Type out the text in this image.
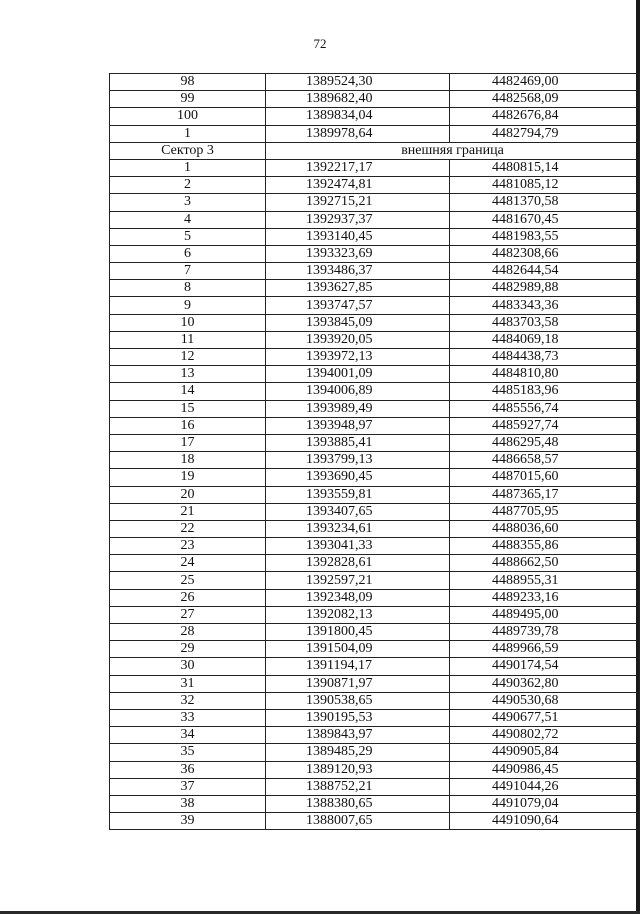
72
98	1389524,30	4482469,00
99	1389682,40	4482568,09
100	1389834,04	4482676,84
1	1389978,64	4482794,79
Сектор 3	внешняя граница	
1	1392217,17	4480815,14
2	1392474,81	4481085,12
3	1392715,21	4481370,58
4	1392937,37	4481670,45
5	1393140,45	4481983,55
6	1393323,69	4482308,66
7	1393486,37	4482644,54
8	1393627,85	4482989,88
9	1393747,57	4483343,36
10	1393845,09	4483703,58
11	1393920,05	4484069,18
12	1393972,13	4484438,73
13	1394001,09	4484810,80
14	1394006,89	4485183,96
15	1393989,49	4485556,74
16	1393948,97	4485927,74
17	1393885,41	4486295,48
18	1393799,13	4486658,57
19	1393690,45	4487015,60
20	1393559,81	4487365,17
21	1393407,65	4487705,95
22	1393234,61	4488036,60
23	1393041,33	4488355,86
24	1392828,61	4488662,50
25	1392597,21	4488955,31
26	1392348,09	4489233,16
27	1392082,13	4489495,00
28	1391800,45	4489739,78
29	1391504,09	4489966,59
30	1391194,17	4490174,54
31	1390871,97	4490362,80
32	1390538,65	4490530,68
33	1390195,53	4490677,51
34	1389843,97	4490802,72
35	1389485,29	4490905,84
36	1389120,93	4490986,45
37	1388752,21	4491044,26
38	1388380,65	4491079,04
39	1388007,65	4491090,64
